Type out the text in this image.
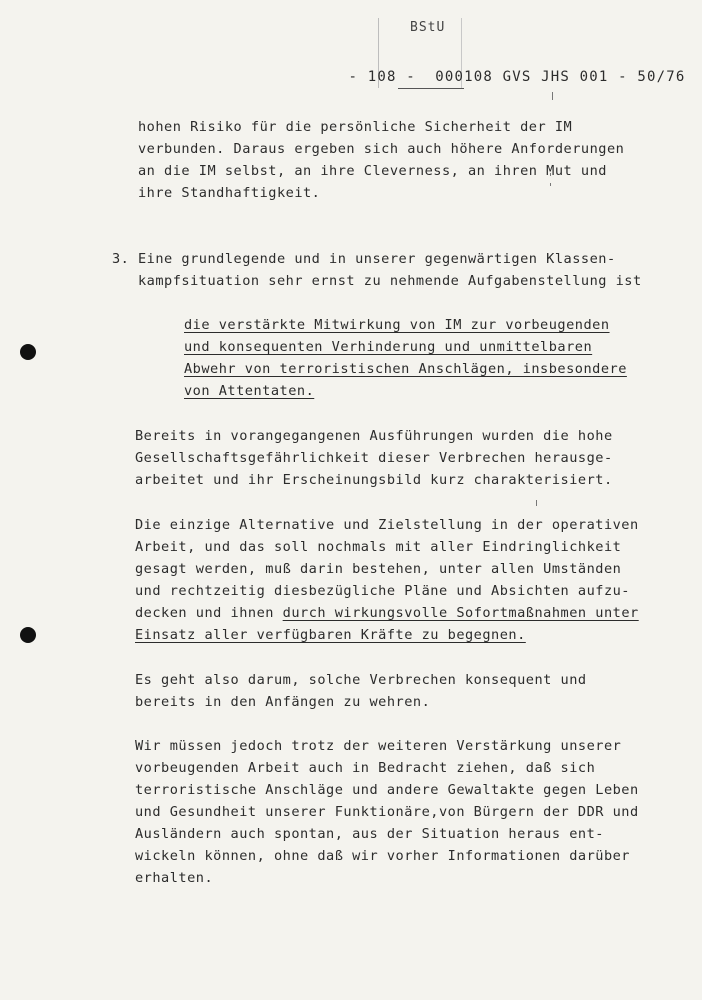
BStU

- 108 - 000108 GVS JHS 001 - 50/76

hohen Risiko für die persönliche Sicherheit der IM
verbunden. Daraus ergeben sich auch höhere Anforderungen
an die IM selbst, an ihre Cleverness, an ihren Mut und
ihre Standhaftigkeit.
3. Eine grundlegende und in unserer gegenwärtigen Klassen-
kampfsituation sehr ernst zu nehmende Aufgabenstellung ist
die verstärkte Mitwirkung von IM zur vorbeugenden
und konsequenten Verhinderung und unmittelbaren
Abwehr von terroristischen Anschlägen, insbesondere
von Attentaten.
Bereits in vorangegangenen Ausführungen wurden die hohe
Gesellschaftsgefährlichkeit dieser Verbrechen herausge-
arbeitet und ihr Erscheinungsbild kurz charakterisiert.
Die einzige Alternative und Zielstellung in der operativen
Arbeit, und das soll nochmals mit aller Eindringlichkeit
gesagt werden, muß darin bestehen, unter allen Umständen
und rechtzeitig diesbezügliche Pläne und Absichten aufzu-
decken und ihnen durch wirkungsvolle Sofortmaßnahmen unter
Einsatz aller verfügbaren Kräfte zu begegnen.
Es geht also darum, solche Verbrechen konsequent und
bereits in den Anfängen zu wehren.
Wir müssen jedoch trotz der weiteren Verstärkung unserer
vorbeugenden Arbeit auch in Bedracht ziehen, daß sich
terroristische Anschläge und andere Gewaltakte gegen Leben
und Gesundheit unserer Funktionäre,von Bürgern der DDR und
Ausländern auch spontan, aus der Situation heraus ent-
wickeln können, ohne daß wir vorher Informationen darüber
erhalten.
